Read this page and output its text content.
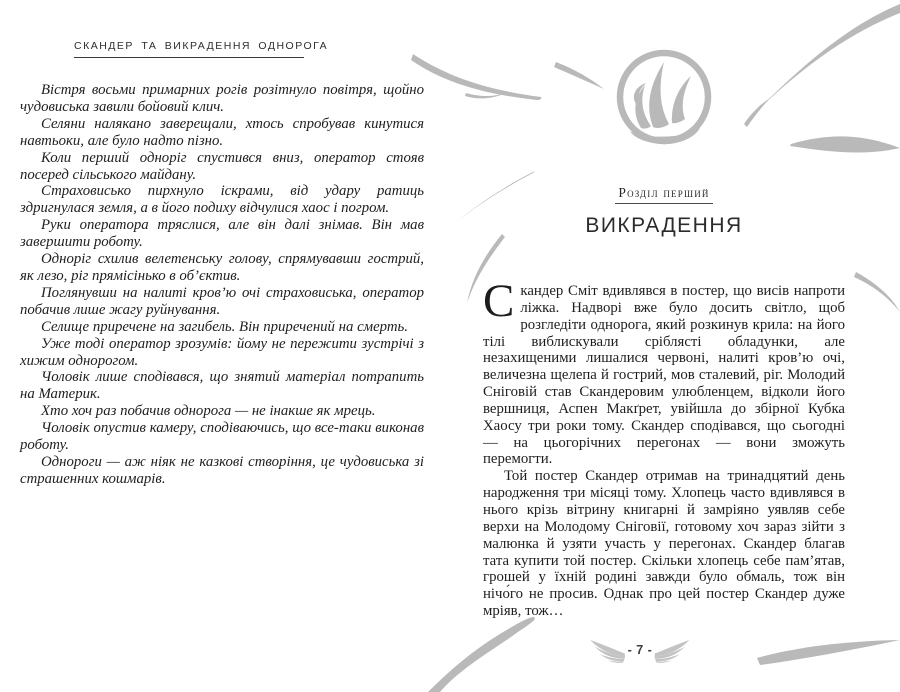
СКАНДЕР ТА ВИКРАДЕННЯ ОДНОРОГА

Вістря восьми примарних рогів розітнуло повітря, щойно чудовиська завили бойовий клич.

Селяни налякано заверещали, хтось спробував кинутися навтьоки, але було надто пізно.

Коли перший одноріг спустився вниз, оператор стояв посеред сільського майдану.

Страховисько пирхнуло іскрами, від удару ратиць здригнулася земля, а в його подиху відчулися хаос і погром.

Руки оператора тряслися, але він далі знімав. Він мав завершити роботу.

Одноріг схилив велетенську голову, спрямувавши гострий, як лезо, ріг прямісінько в об’єктив.

Поглянувши на налиті кров’ю очі страховиська, оператор побачив лише жагу руйнування.

Селище приречене на загибель. Він приречений на смерть.

Уже тоді оператор зрозумів: йому не пережити зустрічі з хижим однорогом.

Чоловік лише сподівався, що знятий матеріал потрапить на Материк.

Хто хоч раз побачив однорога — не інакше як мрець.

Чоловік опустив камеру, сподіваючись, що все-таки виконав роботу.

Однороги — аж ніяк не казкові створіння, це чудовиська зі страшенних кошмарів.

Розділ перший
ВИКРАДЕННЯ

Скандер Сміт вдивлявся в постер, що висів напроти ліжка. Надворі вже було досить світло, щоб розгледіти однорога, який розкинув крила: на його тілі виблискували сріблясті обладунки, але незахищеними лишалися червоні, налиті кров’ю очі, величезна щелепа й гострий, мов сталевий, ріг. Молодий Сніговій став Скандеровим улюбленцем, відколи його вершниця, Аспен Макґрет, увійшла до збірної Кубка Хаосу три роки тому. Скандер сподівався, що сьогодні — на цьогорічних перегонах — вони зможуть перемогти.

Той постер Скандер отримав на тринадцятий день народження три місяці тому. Хлопець часто вдивлявся в нього крізь вітрину книгарні й замріяно уявляв себе верхи на Молодому Сніговії, готовому хоч зараз зійти з малюнка й узяти участь у перегонах. Скандер благав тата купити той постер. Скільки хлопець себе пам’ятав, грошей у їхній родині завжди було обмаль, тож він нічо́го не просив. Однак про цей постер Скандер дуже мріяв, тож…

- 7 -
